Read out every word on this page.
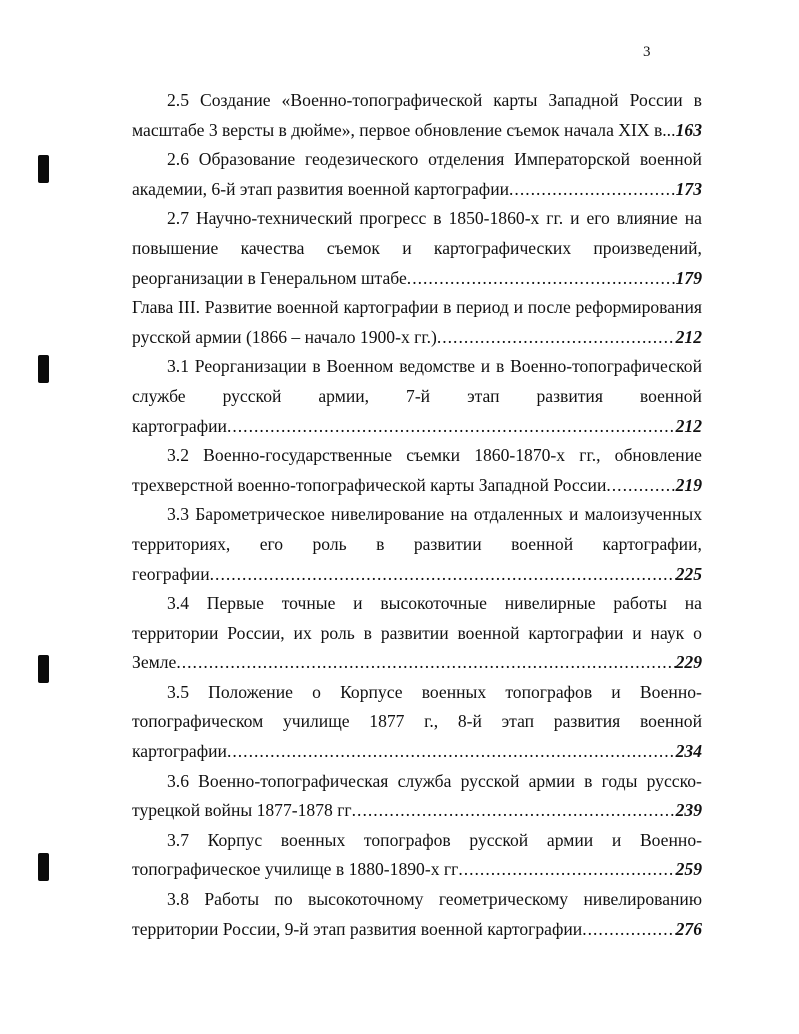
3
2.5 Создание «Военно-топографической карты Западной России в
масштабе 3 версты в дюйме», первое обновление съемок начала XIX в.. ..... 163
2.6 Образование геодезического отделения Императорской военной
академии, 6-й этап развития военной картографии .....	173
2.7 Научно-технический прогресс в 1850-1860-х гг. и его влияние на
повышение качества съемок и картографических произведений,
реорганизации в Генеральном штабе .....	179
Глава III. Развитие военной картографии в период и после реформирования
русской армии (1866 – начало 1900-х гг.) .....	212
3.1 Реорганизации в Военном ведомстве и в Военно-топографической
службе русской армии, 7-й этап развития военной
картографии .....	212
3.2 Военно-государственные съемки 1860-1870-х гг., обновление
трехверстной военно-топографической карты Западной России .....	219
3.3 Барометрическое нивелирование на отдаленных и малоизученных
территориях, его роль в развитии военной картографии,
географии .....	225
3.4 Первые точные и высокоточные нивелирные работы на
территории России, их роль в развитии военной картографии и наук о
Земле .....	229
3.5 Положение о Корпусе военных топографов и Военно-
топографическом училище 1877 г., 8-й этап развития военной
картографии .....	234
3.6 Военно-топографическая служба русской армии в годы русско-
турецкой войны 1877-1878 гг .....	239
3.7 Корпус военных топографов русской армии и Военно-
топографическое училище в 1880-1890-х гг .....	259
3.8 Работы по высокоточному геометрическому нивелированию
территории России, 9-й этап развития военной картографии .....	276
